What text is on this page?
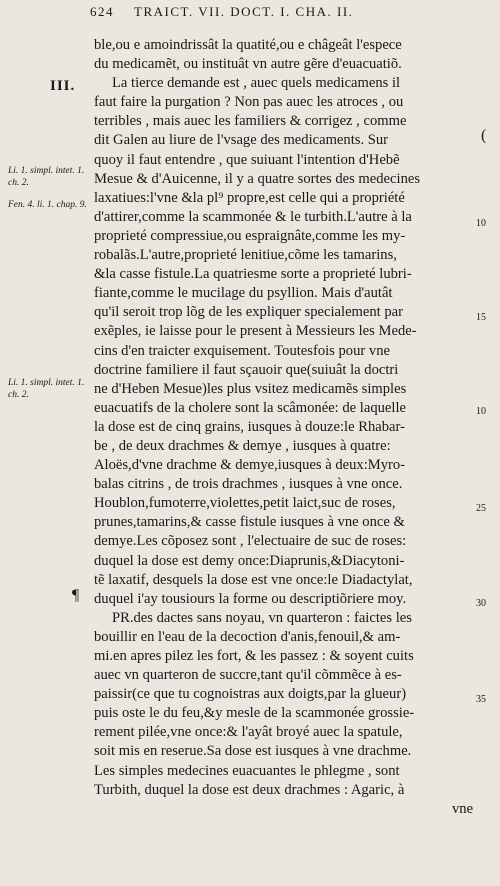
624 TRAICT. VII. DOCT. I. CHA. II.
III.
Li. 1. simpl. intet. 1. ch. 2.
Fen. 4. li. 1. chap. 9.
Li. 1. simpl. intet. 1. ch. 2.
(
¶
10
15
10
25
30
35
ble,ou e amoindrissât la quatité,ou e châgeât l'espece
du medicamẽt, ou instituât vn autre gẽre d'euacuatiõ.
La tierce demande est , auec quels medicamens il
faut faire la purgation ? Non pas auec les atroces , ou
terribles , mais auec les familiers & corrigez , comme
dit Galen au liure de l'vsage des medicaments. Sur
quoy il faut entendre , que suiuant l'intention d'Hebẽ
Mesue & d'Auicenne, il y a quatre sortes des medecines
laxatiues:l'vne &la pl⁹ propre,est celle qui a propriété
d'attirer,comme la scammonée & le turbith.L'autre à la
proprieté compressiue,ou espraignâte,comme les my-
robalãs.L'autre,proprieté lenitiue,cõme les tamarins,
&la casse fistule.La quatriesme sorte a proprieté lubri-
fiante,comme le mucilage du psyllion. Mais d'autât
qu'il seroit trop lõg de les expliquer specialement par
exẽples, ie laisse pour le present à Messieurs les Mede-
cins d'en traicter exquisement. Toutesfois pour vne
doctrine familiere il faut sçauoir que(suiuât la doctri
ne d'Heben Mesue)les plus vsitez medicamẽs simples
euacuatifs de la cholere sont la scâmonée: de laquelle
la dose est de cinq grains, iusques à douze:le Rhabar-
be , de deux drachmes & demye , iusques à quatre:
Aloës,d'vne drachme & demye,iusques à deux:Myro-
balas citrins , de trois drachmes , iusques à vne once.
Houblon,fumoterre,violettes,petit laict,suc de roses,
prunes,tamarins,& casse fistule iusques à vne once &
demye.Les cõposez sont , l'electuaire de suc de roses:
duquel la dose est demy once:Diaprunis,&Diacytoni-
tẽ laxatif, desquels la dose est vne once:le Diadactylat,
duquel i'ay tousiours la forme ou descriptiõriere moy.
PR.des dactes sans noyau, vn quarteron : faictes les
bouillir en l'eau de la decoction d'anis,fenouil,& am-
mi.en apres pilez les fort, & les passez : & soyent cuits
auec vn quarteron de succre,tant qu'il cõmmẽce à es-
paissir(ce que tu cognoistras aux doigts,par la glueur)
puis oste le du feu,&y mesle de la scammonée grossie-
rement pilée,vne once:& l'ayât broyé auec la spatule,
soit mis en reserue.Sa dose est iusques à vne drachme.
Les simples medecines euacuantes le phlegme , sont
Turbith, duquel la dose est deux drachmes : Agaric, à
vne
